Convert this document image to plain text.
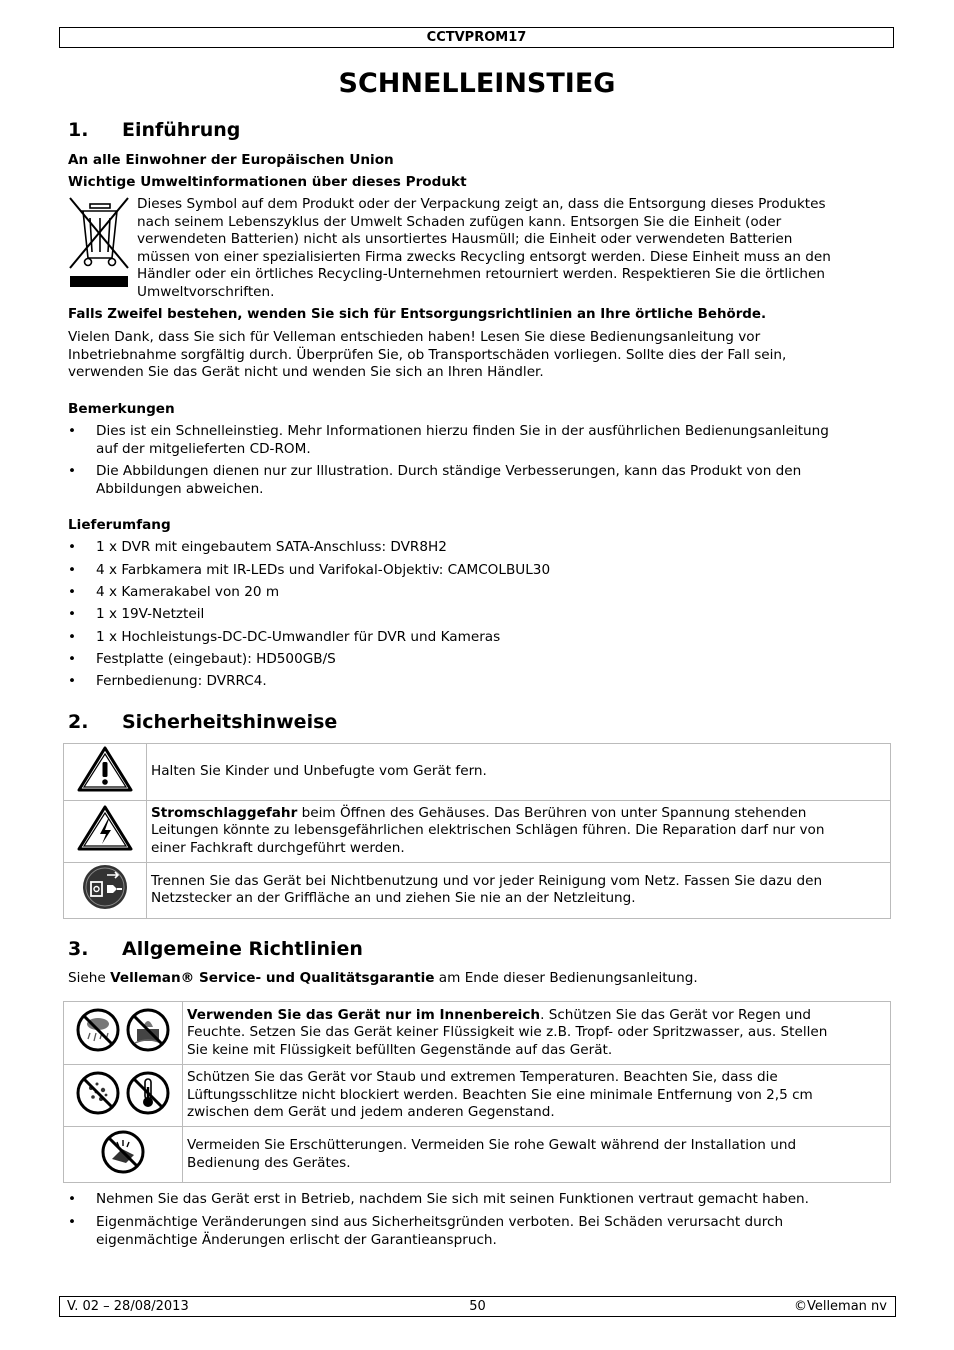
CCTVPROM17
SCHNELLEINSTIEG
1. Einführung
An alle Einwohner der Europäischen Union
Wichtige Umweltinformationen über dieses Produkt
Dieses Symbol auf dem Produkt oder der Verpackung zeigt an, dass die Entsorgung dieses Produktes
nach seinem Lebenszyklus der Umwelt Schaden zufügen kann. Entsorgen Sie die Einheit (oder
verwendeten Batterien) nicht als unsortiertes Hausmüll; die Einheit oder verwendeten Batterien
müssen von einer spezialisierten Firma zwecks Recycling entsorgt werden. Diese Einheit muss an den
Händler oder ein örtliches Recycling-Unternehmen retourniert werden. Respektieren Sie die örtlichen
Umweltvorschriften.
Falls Zweifel bestehen, wenden Sie sich für Entsorgungsrichtlinien an Ihre örtliche Behörde.
Vielen Dank, dass Sie sich für Velleman entschieden haben! Lesen Sie diese Bedienungsanleitung vor
Inbetriebnahme sorgfältig durch. Überprüfen Sie, ob Transportschäden vorliegen. Sollte dies der Fall sein,
verwenden Sie das Gerät nicht und wenden Sie sich an Ihren Händler.
Bemerkungen
• Dies ist ein Schnelleinstieg. Mehr Informationen hierzu finden Sie in der ausführlichen Bedienungsanleitung
auf der mitgelieferten CD-ROM.
• Die Abbildungen dienen nur zur Illustration. Durch ständige Verbesserungen, kann das Produkt von den
Abbildungen abweichen.
Lieferumfang
• 1 x DVR mit eingebautem SATA-Anschluss: DVR8H2
• 4 x Farbkamera mit IR-LEDs und Varifokal-Objektiv: CAMCOLBUL30
• 4 x Kamerakabel von 20 m
• 1 x 19V-Netzteil
• 1 x Hochleistungs-DC-DC-Umwandler für DVR und Kameras
• Festplatte (eingebaut): HD500GB/S
• Fernbedienung: DVRRC4.
2. Sicherheitshinweise

Halten Sie Kinder und Unbefugte vom Gerät fern.

Stromschlaggefahr beim Öffnen des Gehäuses. Das Berühren von unter Spannung stehenden
Leitungen könnte zu lebensgefährlichen elektrischen Schlägen führen. Die Reparation darf nur von
einer Fachkraft durchgeführt werden.

Trennen Sie das Gerät bei Nichtbenutzung und vor jeder Reinigung vom Netz. Fassen Sie dazu den
Netzstecker an der Griffläche an und ziehen Sie nie an der Netzleitung.
3. Allgemeine Richtlinien
Siehe Velleman® Service- und Qualitätsgarantie am Ende dieser Bedienungsanleitung.

Verwenden Sie das Gerät nur im Innenbereich. Schützen Sie das Gerät vor Regen und
Feuchte. Setzen Sie das Gerät keiner Flüssigkeit wie z.B. Tropf- oder Spritzwasser, aus. Stellen
Sie keine mit Flüssigkeit befüllten Gegenstände auf das Gerät.

Schützen Sie das Gerät vor Staub und extremen Temperaturen. Beachten Sie, dass die
Lüftungsschlitze nicht blockiert werden. Beachten Sie eine minimale Entfernung von 2,5 cm
zwischen dem Gerät und jedem anderen Gegenstand.

Vermeiden Sie Erschütterungen. Vermeiden Sie rohe Gewalt während der Installation und
Bedienung des Gerätes.
• Nehmen Sie das Gerät erst in Betrieb, nachdem Sie sich mit seinen Funktionen vertraut gemacht haben.
• Eigenmächtige Veränderungen sind aus Sicherheitsgründen verboten. Bei Schäden verursacht durch
eigenmächtige Änderungen erlischt der Garantieanspruch.
V. 02 – 28/08/2013	50	©Velleman nv
